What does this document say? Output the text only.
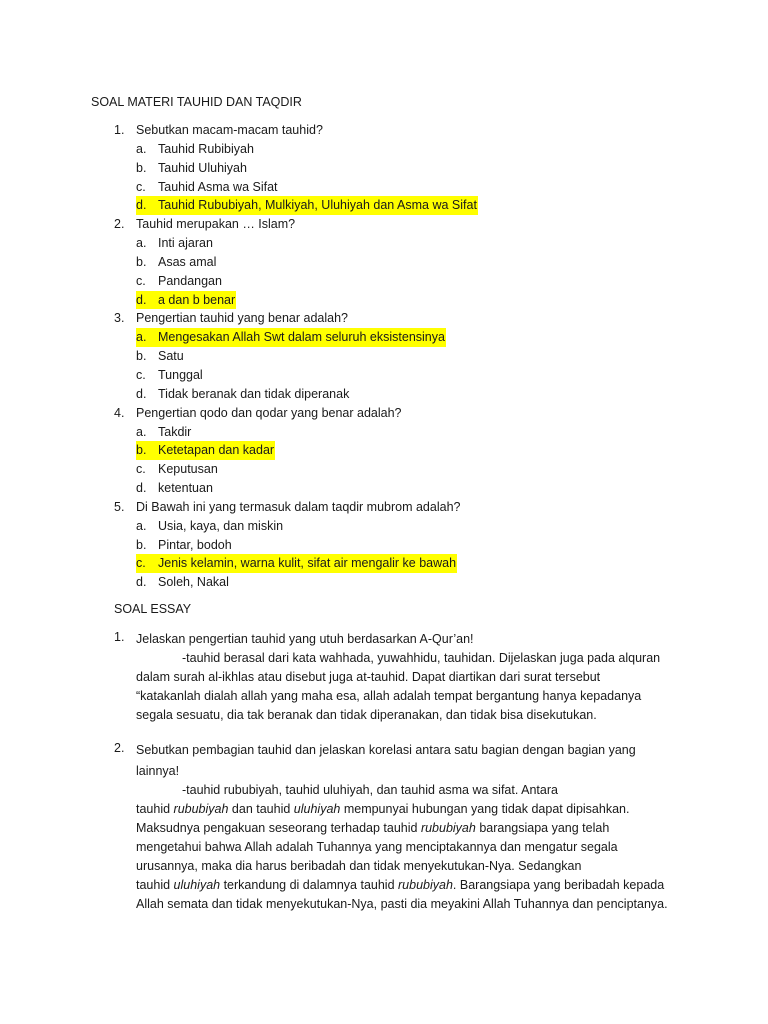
SOAL MATERI TAUHID DAN TAQDIR
1. Sebutkan macam-macam tauhid?
a. Tauhid Rubibiyah
b. Tauhid Uluhiyah
c. Tauhid Asma wa Sifat
d. Tauhid Rububiyah, Mulkiyah, Uluhiyah dan Asma wa Sifat
2. Tauhid merupakan … Islam?
a. Inti ajaran
b. Asas amal
c. Pandangan
d. a dan b benar
3. Pengertian tauhid yang benar adalah?
a. Mengesakan Allah Swt dalam seluruh eksistensinya
b. Satu
c. Tunggal
d. Tidak beranak dan tidak diperanak
4. Pengertian qodo dan qodar yang benar adalah?
a. Takdir
b. Ketetapan dan kadar
c. Keputusan
d. ketentuan
5. Di Bawah ini yang termasuk dalam taqdir mubrom adalah?
a. Usia, kaya, dan miskin
b. Pintar, bodoh
c. Jenis kelamin, warna kulit, sifat air mengalir ke bawah
d. Soleh, Nakal
SOAL ESSAY
1. Jelaskan pengertian tauhid yang utuh berdasarkan A-Qur’an!
-tauhid berasal dari kata wahhada, yuwahhidu, tauhidan. Dijelaskan juga pada alquran
dalam surah al-ikhlas atau disebut juga at-tauhid. Dapat diartikan dari surat tersebut
“katakanlah dialah allah yang maha esa, allah adalah tempat bergantung hanya kepadanya
segala sesuatu, dia tak beranak dan tidak diperanakan, dan tidak bisa disekutukan.
2. Sebutkan pembagian tauhid dan jelaskan korelasi antara satu bagian dengan bagian yang
lainnya!
-tauhid rububiyah, tauhid uluhiyah, dan tauhid asma wa sifat. Antara
tauhid rububiyah dan tauhid uluhiyah mempunyai hubungan yang tidak dapat dipisahkan.
Maksudnya pengakuan seseorang terhadap tauhid rububiyah barangsiapa yang telah
mengetahui bahwa Allah adalah Tuhannya yang menciptakannya dan mengatur segala
urusannya, maka dia harus beribadah dan tidak menyekutukan-Nya. Sedangkan
tauhid uluhiyah terkandung di dalamnya tauhid rububiyah. Barangsiapa yang beribadah kepada
Allah semata dan tidak menyekutukan-Nya, pasti dia meyakini Allah Tuhannya dan penciptanya.
